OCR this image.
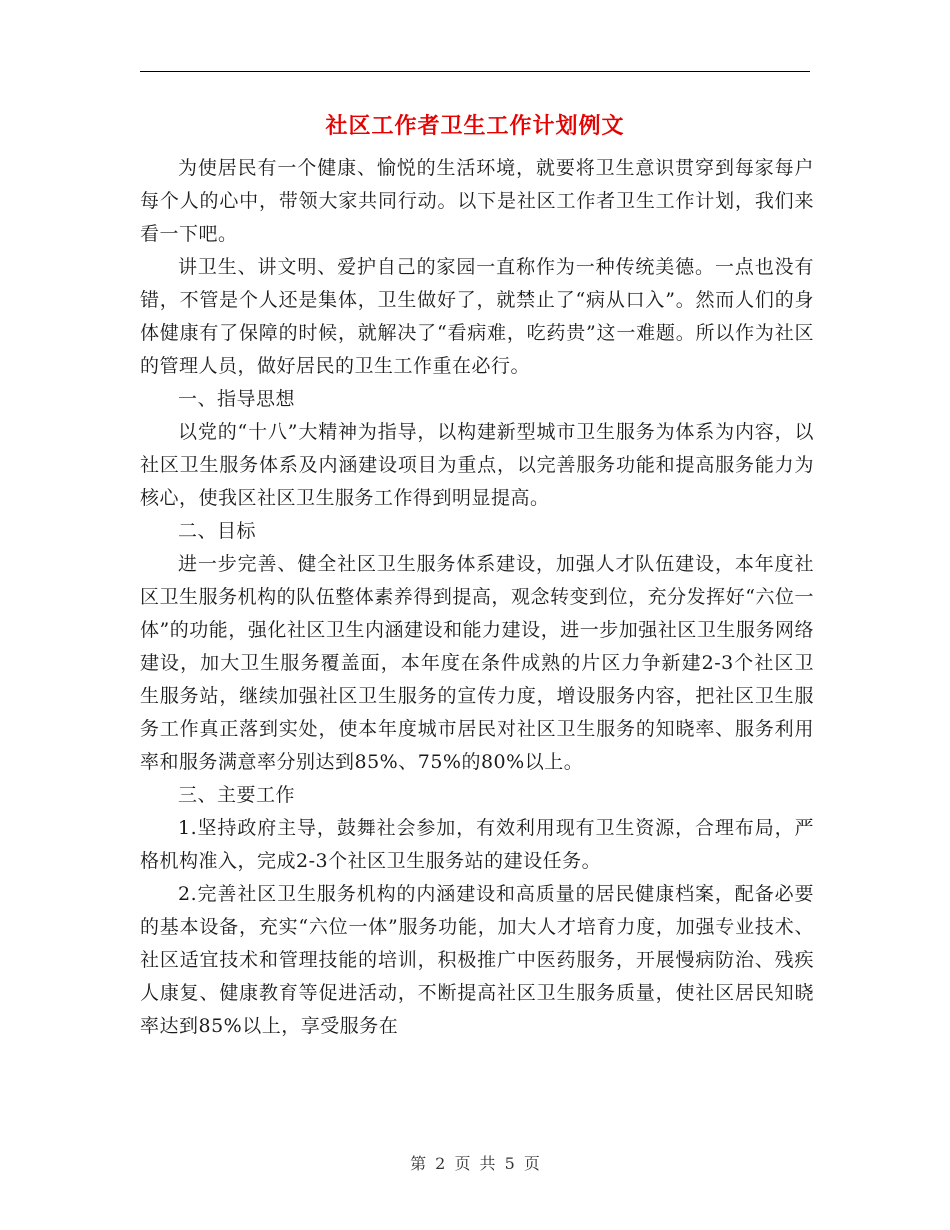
社区工作者卫生工作计划例文

为使居民有一个健康、愉悦的生活环境，就要将卫生意识贯穿到每家每户每个人的心中，带领大家共同行动。以下是社区工作者卫生工作计划，我们来看一下吧。

讲卫生、讲文明、爱护自己的家园一直称作为一种传统美德。一点也没有错，不管是个人还是集体，卫生做好了，就禁止了“病从口入”。然而人们的身体健康有了保障的时候，就解决了“看病难，吃药贵”这一难题。所以作为社区的管理人员，做好居民的卫生工作重在必行。

一、指导思想

以党的“十八”大精神为指导，以构建新型城市卫生服务为体系为内容，以社区卫生服务体系及内涵建设项目为重点，以完善服务功能和提高服务能力为核心，使我区社区卫生服务工作得到明显提高。

二、目标

进一步完善、健全社区卫生服务体系建设，加强人才队伍建设，本年度社区卫生服务机构的队伍整体素养得到提高，观念转变到位，充分发挥好“六位一体”的功能，强化社区卫生内涵建设和能力建设，进一步加强社区卫生服务网络建设，加大卫生服务覆盖面，本年度在条件成熟的片区力争新建2-3个社区卫生服务站，继续加强社区卫生服务的宣传力度，增设服务内容，把社区卫生服务工作真正落到实处，使本年度城市居民对社区卫生服务的知晓率、服务利用率和服务满意率分别达到85%、75%的80%以上。

三、主要工作

1.坚持政府主导，鼓舞社会参加，有效利用现有卫生资源，合理布局，严格机构准入，完成2-3个社区卫生服务站的建设任务。

2.完善社区卫生服务机构的内涵建设和高质量的居民健康档案，配备必要的基本设备，充实“六位一体”服务功能，加大人才培育力度，加强专业技术、社区适宜技术和管理技能的培训，积极推广中医药服务，开展慢病防治、残疾人康复、健康教育等促进活动，不断提高社区卫生服务质量，使社区居民知晓率达到85%以上，享受服务在

第 2 页 共 5 页
